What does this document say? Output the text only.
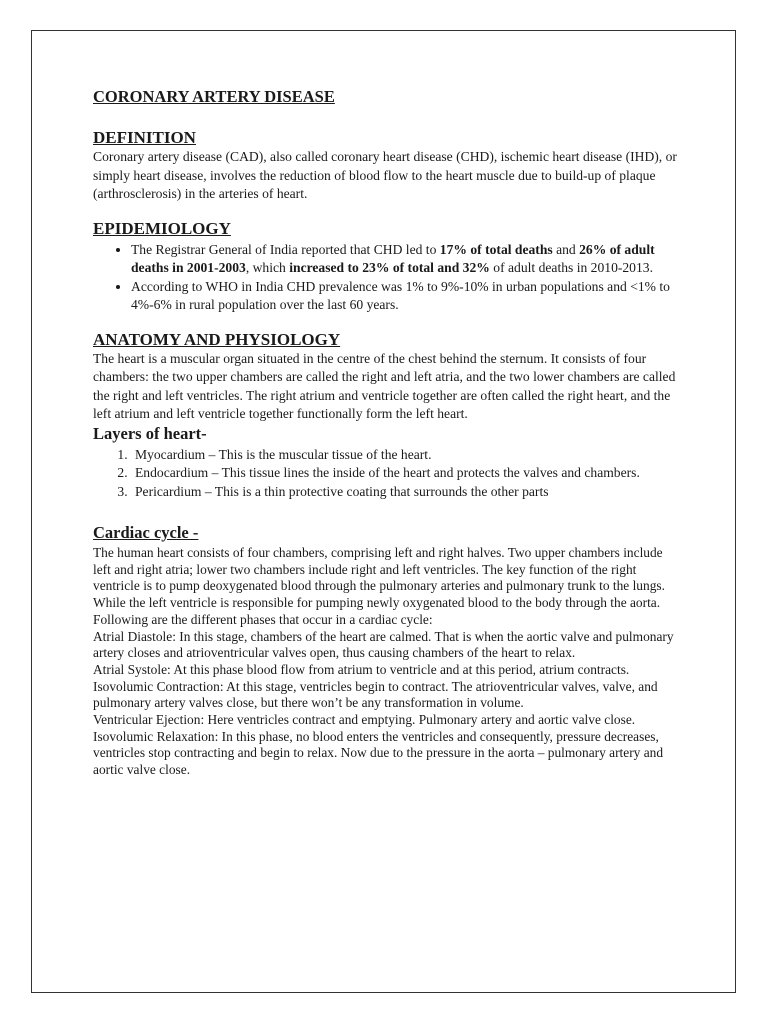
CORONARY ARTERY DISEASE
DEFINITION

Coronary artery disease (CAD), also called coronary heart disease (CHD), ischemic heart disease (IHD), or simply heart disease, involves the reduction of blood flow to the heart muscle due to build-up of plaque (arthrosclerosis) in the arteries of heart.

EPIDEMIOLOGY
• The Registrar General of India reported that CHD led to 17% of total deaths and 26% of adult deaths in 2001-2003, which increased to 23% of total and 32% of adult deaths in 2010-2013.
• According to WHO in India CHD prevalence was 1% to 9%-10% in urban populations and <1% to 4%-6% in rural population over the last 60 years.
ANATOMY AND PHYSIOLOGY

The heart is a muscular organ situated in the centre of the chest behind the sternum. It consists of four chambers: the two upper chambers are called the right and left atria, and the two lower chambers are called the right and left ventricles. The right atrium and ventricle together are often called the right heart, and the left atrium and left ventricle together functionally form the left heart.

Layers of heart-
1. Myocardium – This is the muscular tissue of the heart.
2. Endocardium – This tissue lines the inside of the heart and protects the valves and chambers.
3. Pericardium – This is a thin protective coating that surrounds the other parts
Cardiac cycle -

The human heart consists of four chambers, comprising left and right halves. Two upper chambers include left and right atria; lower two chambers include right and left ventricles. The key function of the right ventricle is to pump deoxygenated blood through the pulmonary arteries and pulmonary trunk to the lungs.

While the left ventricle is responsible for pumping newly oxygenated blood to the body through the aorta.

Following are the different phases that occur in a cardiac cycle:

Atrial Diastole: In this stage, chambers of the heart are calmed. That is when the aortic valve and pulmonary artery closes and atrioventricular valves open, thus causing chambers of the heart to relax.

Atrial Systole: At this phase blood flow from atrium to ventricle and at this period, atrium contracts.

Isovolumic Contraction: At this stage, ventricles begin to contract. The atrioventricular valves, valve, and pulmonary artery valves close, but there won’t be any transformation in volume.

Ventricular Ejection: Here ventricles contract and emptying. Pulmonary artery and aortic valve close.

Isovolumic Relaxation: In this phase, no blood enters the ventricles and consequently, pressure decreases, ventricles stop contracting and begin to relax. Now due to the pressure in the aorta – pulmonary artery and aortic valve close.
